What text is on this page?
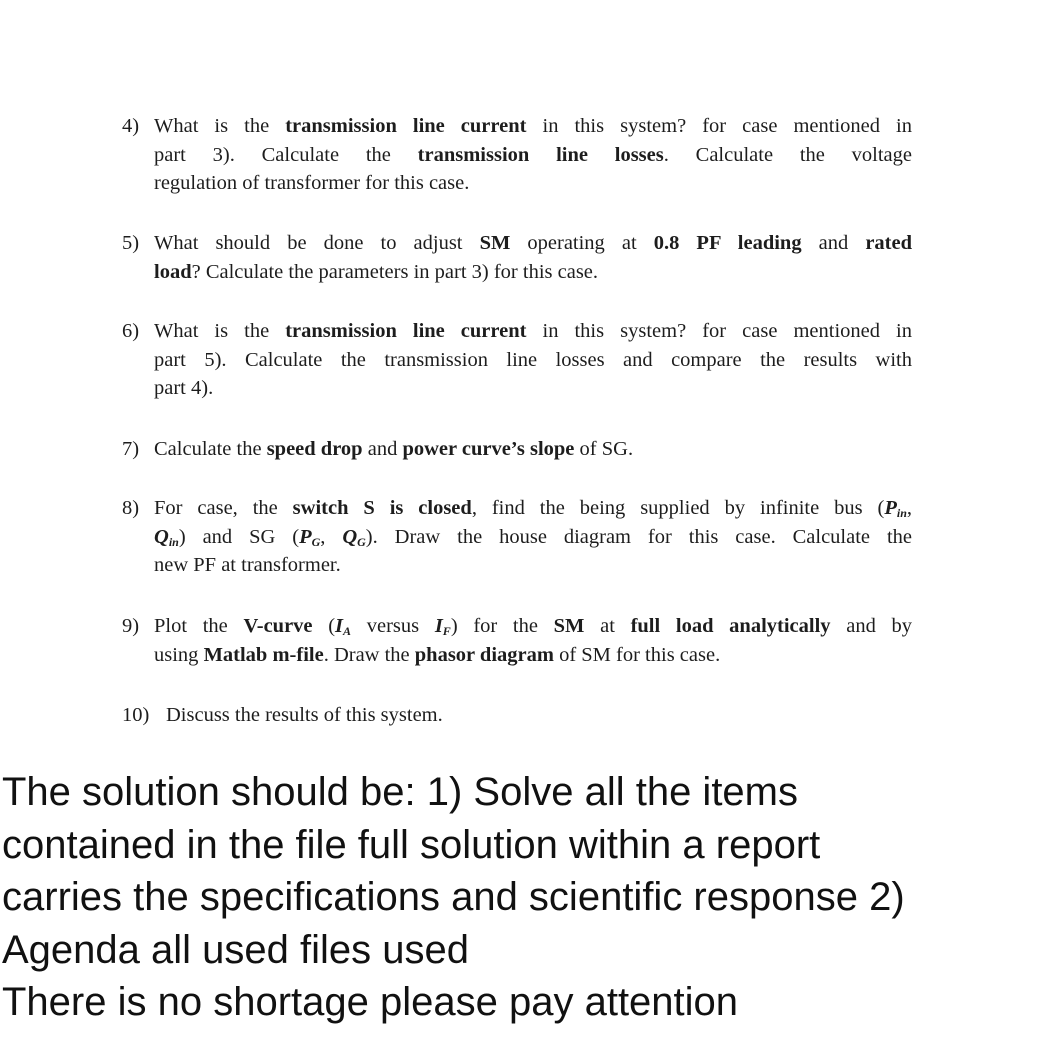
4) What is the transmission line current in this system? for case mentioned in
part 3). Calculate the transmission line losses. Calculate the voltage
regulation of transformer for this case.
5) What should be done to adjust SM operating at 0.8 PF leading and rated
load? Calculate the parameters in part 3) for this case.
6) What is the transmission line current in this system? for case mentioned in
part 5). Calculate the transmission line losses and compare the results with
part 4).
7) Calculate the speed drop and power curve’s slope of SG.
8) For case, the switch S is closed, find the being supplied by infinite bus ($P_{in}$,
$Q_{in}$) and SG ($P_G$, $Q_G$). Draw the house diagram for this case. Calculate the
new PF at transformer.
9) Plot the V-curve ($I_A$ versus $I_F$) for the SM at full load analytically and by
using Matlab m-file. Draw the phasor diagram of SM for this case.
10) Discuss the results of this system.
The solution should be: 1) Solve all the items
contained in the file full solution within a report
carries the specifications and scientific response 2)
Agenda all used files used
There is no shortage please pay attention
